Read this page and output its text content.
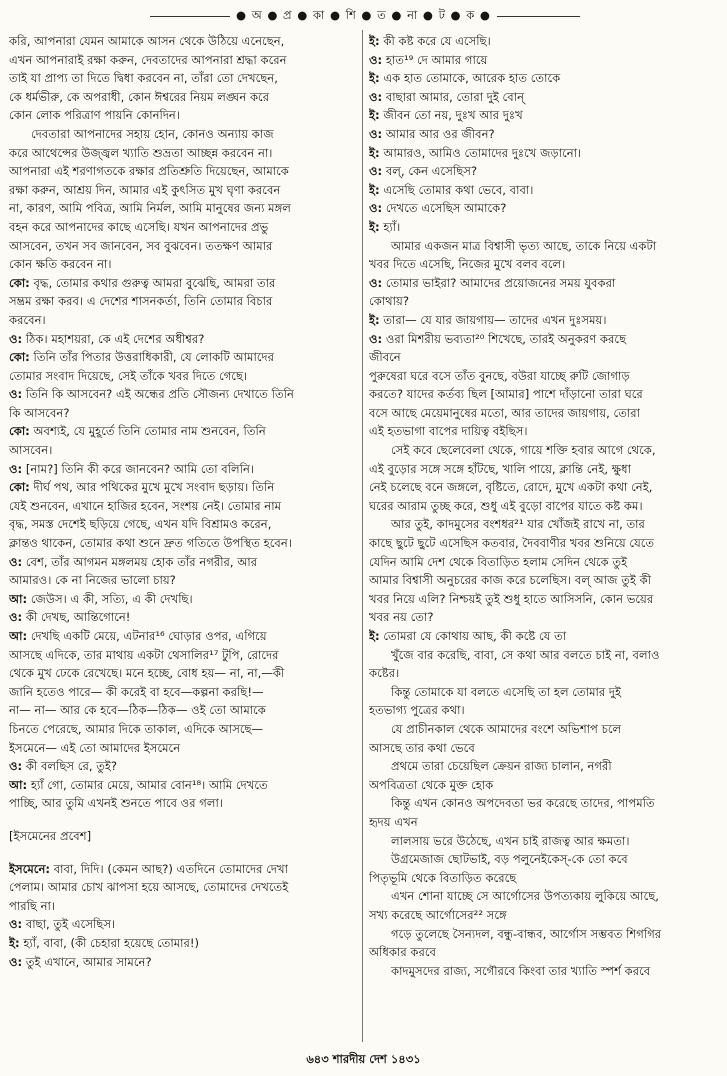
● অ ● প্র ● কা ● শি ● ত ● না ● ট ● ক ●
করি, আপনারা যেমন আমাকে আসন থেকে উঠিয়ে এনেছেন,
এখন আপনারাই রক্ষা করুন, দেবতাদের আপনারা শ্রদ্ধা করেন
তাই যা প্রাপ্য তা দিতে দ্বিধা করবেন না, তাঁরা তো দেখছেন,
কে ধর্মভীরু, কে অপরাধী, কোন ঈশ্বরের নিয়ম লঙ্ঘন করে
কোন লোক পরিত্রাণ পায়নি কোনদিন।
দেবতারা আপনাদের সহায় হোন, কোনও অন্যায় কাজ
করে আথেন্সের উজ্জ্বল খ্যাতি শুভ্রতা আচ্ছন্ন করবেন না।
আপনারা এই শরণাগতকে রক্ষার প্রতিশ্রুতি দিয়েছেন, আমাকে
রক্ষা করুন, আশ্রয় দিন, আমার এই কুৎসিত মুখ ঘৃণা করবেন
না, কারণ, আমি পবিত্র, আমি নির্মল, আমি মানুষের জন্য মঙ্গল
বহন করে আপনাদের কাছে এসেছি। যখন আপনাদের প্রভু
আসবেন, তখন সব জানবেন, সব বুঝবেন। ততক্ষণ আমার
কোন ক্ষতি করবেন না।
কো: বৃদ্ধ, তোমার কথার গুরুত্ব আমরা বুঝেছি, আমরা তার
সম্ভ্রম রক্ষা করব। এ দেশের শাসনকর্তা, তিনি তোমার বিচার
করবেন।
ও: ঠিক। মহাশয়রা, কে এই দেশের অধীশ্বর?
কো: তিনি তাঁর পিতার উত্তরাধিকারী, যে লোকটি আমাদের
তোমার সংবাদ দিয়েছে, সেই তাঁকে খবর দিতে গেছে।
ও: তিনি কি আসবেন? এই অন্ধের প্রতি সৌজন্য দেখাতে তিনি
কি আসবেন?
কো: অবশ্যই, যে মুহূর্তে তিনি তোমার নাম শুনবেন, তিনি
আসবেন।
ও: [নাম?] তিনি কী করে জানবেন? আমি তো বলিনি।
কো: দীর্ঘ পথ, আর পথিকের মুখে মুখে সংবাদ ছড়ায়। তিনি
যেই শুনবেন, এখানে হাজির হবেন, সংশয় নেই। তোমার নাম
বৃদ্ধ, সমস্ত দেশেই ছড়িয়ে গেছে, এখন যদি বিশ্রামও করেন,
ক্লান্তও থাকেন, তোমার কথা শুনে দ্রুত গতিতে উপস্থিত হবেন।
ও: বেশ, তাঁর আগমন মঙ্গলময় হোক তাঁর নগরীর, আর
আমারও। কে না নিজের ভালো চায়?
আ: জেউস। এ কী, সত্যি, এ কী দেখছি।
ও: কী দেখছ, আন্তিগোনে!
আ: দেখছি একটি মেয়ে, এটনার¹⁶ ঘোড়ার ওপর, এগিয়ে
আসছে এদিকে, তার মাথায় একটা থেসালির¹⁷ টুপি, রোদের
থেকে মুখ ঢেকে রেখেছে। মনে হচ্ছে, বোধ হয়— না, না,—কী
জানি হতেও পারে— কী করেই বা হবে—কল্পনা করছি!—
না— না— আর কে হবে—ঠিক—ঠিক— ওই তো আমাকে
চিনতে পেরেছে, আমার দিকে তাকাল, এদিকে আসছে—
ইসমেনে— এই তো আমাদের ইসমেনে
ও: কী বলছিস রে, তুই?
আ: হ্যাঁ গো, তোমার মেয়ে, আমার বোন¹⁸। আমি দেখতে
পাচ্ছি, আর তুমি এখনই শুনতে পাবে ওর গলা।
[ইসমেনের প্রবেশ]
ইসমেনে: বাবা, দিদি। (কেমন আছ?) এতদিনে তোমাদের দেখা
পেলাম। আমার চোখ ঝাপসা হয়ে আসছে, তোমাদের দেখতেই
পারছি না।
ও: বাছা, তুই এসেছিস।
ই: হ্যাঁ, বাবা, (কী চেহারা হয়েছে তোমার!)
ও: তুই এখানে, আমার সামনে?
ই: কী কষ্ট করে যে এসেছি।
ও: হাত¹⁹ দে আমার গায়ে
ই: এক হাত তোমাকে, আরেক হাত তোকে
ও: বাছারা আমার, তোরা দুই বোন্‌
ই: জীবন তো নয়, দুঃখ আর দুঃখ
ও: আমার আর ওর জীবন?
ই: আমারও, আমিও তোমাদের দুঃখে জড়ানো।
ও: বল্‌, কেন এসেছিস?
ই: এসেছি তোমার কথা ভেবে, বাবা।
ও: দেখতে এসেছিস আমাকে?
ই: হ্যাঁ।
আমার একজন মাত্র বিশ্বাসী ভৃত্য আছে, তাকে নিয়ে একটা
খবর দিতে এসেছি, নিজের মুখে বলব বলে।
ও: তোমার ভাইরা? আমাদের প্রয়োজনের সময় যুবকরা
কোথায়?
ই: তারা— যে যার জায়গায়— তাদের এখন দুঃসময়।
ও: ওরা মিশরীয় ভব্যতা²⁰ শিখেছে, তারই অনুকরণ করছে
জীবনে
পুরুষেরা ঘরে বসে তাঁত বুনছে, বউরা যাচ্ছে রুটি জোগাড়
করতে? যাদের কর্তব্য ছিল [আমার] পাশে দাঁড়ানো তারা ঘরে
বসে আছে মেয়েমানুষের মতো, আর তাদের জায়গায়, তোরা
এই হতভাগা বাপের দায়িত্ব বইছিস।
সেই কবে ছেলেবেলা থেকে, গায়ে শক্তি হবার আগে থেকে,
এই বুড়োর সঙ্গে সঙ্গে হাঁটছে, খালি পায়ে, ক্লান্তি নেই, ক্ষুধা
নেই চলেছে বনে জঙ্গলে, বৃষ্টিতে, রোদে, মুখে একটা কথা নেই,
ঘরের আরাম তুচ্ছ করে, শুধু এই বুড়ো বাপের যাতে কষ্ট কম।
আর তুই, কাদমুসের বংশধর²¹ যার খোঁজই রাখে না, তার
কাছে ছুটে ছুটে এসেছিস কতবার, দৈববাণীর খবর শুনিয়ে যেতে
যেদিন আমি দেশ থেকে বিতাড়িত হলাম সেদিন থেকে তুই
আমার বিশ্বাসী অনুচরের কাজ করে চলেছিস। বল্‌ আজ তুই কী
খবর নিয়ে এলি? নিশ্চয়ই তুই শুধু হাতে আসিসনি, কোন ভয়ের
খবর নয় তো?
ই: তোমরা যে কোথায় আছ, কী কষ্টে যে তা
খুঁজে বার করেছি, বাবা, সে কথা আর বলতে চাই না, বলাও
কষ্টের।
কিন্তু তোমাকে যা বলতে এসেছি তা হল তোমার দুই
হতভাগ্য পুত্রের কথা।
যে প্রাচীনকাল থেকে আমাদের বংশে অভিশাপ চলে
আসছে তার কথা ভেবে
প্রথমে তারা চেয়েছিল ক্রেয়ন রাজ্য চালান, নগরী
অপবিত্রতা থেকে মুক্ত হোক
কিন্তু এখন কোনও অপদেবতা ভর করেছে তাদের, পাপমতি
হৃদয় এখন
লালসায় ভরে উঠেছে, এখন চাই রাজত্ব আর ক্ষমতা।
উগ্রমেজাজ ছোটভাই, বড় পলুনেইকেস্‌-কে তো কবে
পিতৃভূমি থেকে বিতাড়িত করেছে
এখন শোনা যাচ্ছে সে আর্গোসের উপত্যকায় লুকিয়ে আছে,
সখ্য করেছে আর্গোসের²² সঙ্গে
গড়ে তুলেছে সৈন্যদল, বন্ধু-বান্ধব, আর্গোস সম্ভবত শিগগির
অধিকার করবে
কাদমুসদের রাজ্য, সগৌরবে কিংবা তার খ্যাতি স্পর্শ করবে
৬৪৩ শারদীয় দেশ ১৪৩১
